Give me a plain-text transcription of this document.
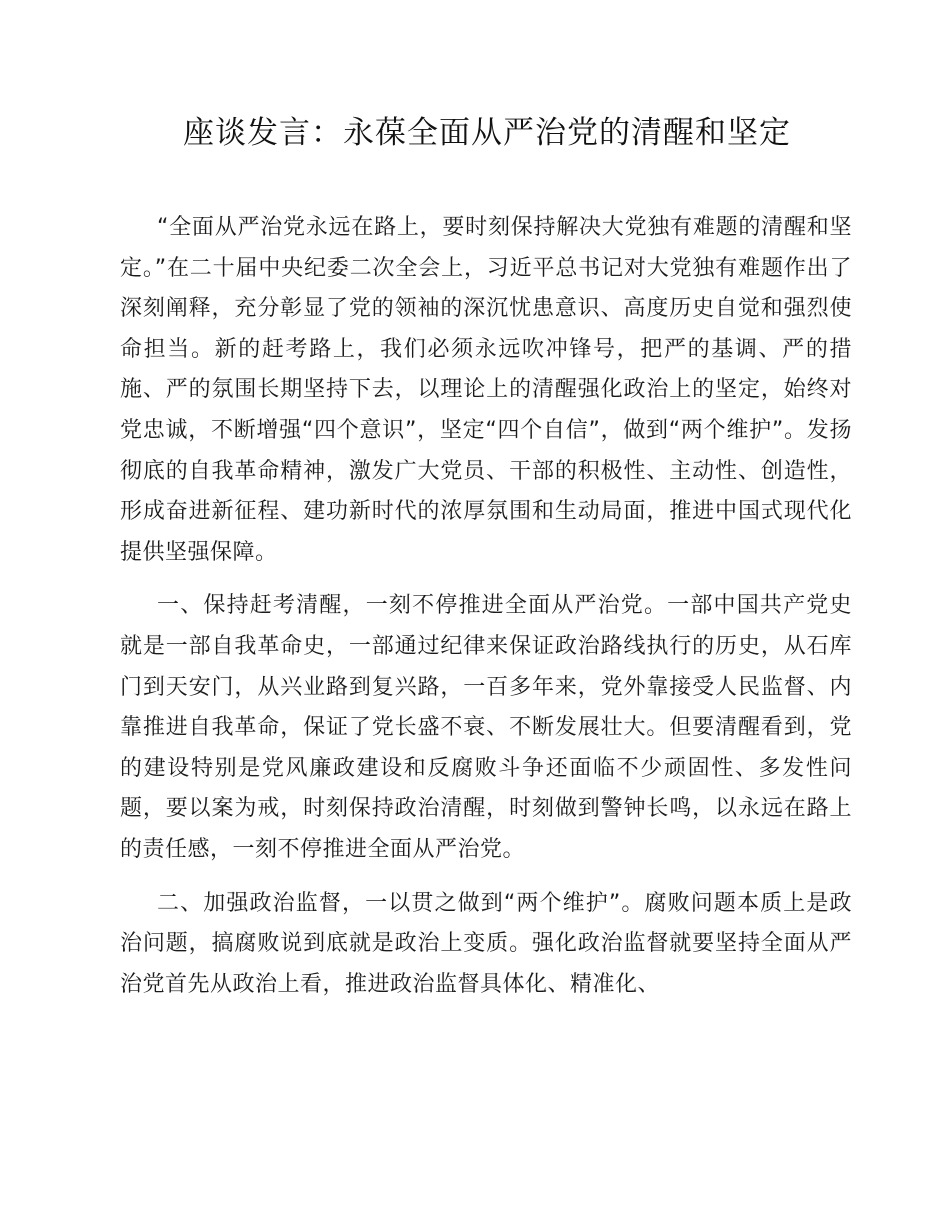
座谈发言：永葆全面从严治党的清醒和坚定

“全面从严治党永远在路上，要时刻保持解决大党独有难题的清醒和坚定。”在二十届中央纪委二次全会上，习近平总书记对大党独有难题作出了深刻阐释，充分彰显了党的领袖的深沉忧患意识、高度历史自觉和强烈使命担当。新的赶考路上，我们必须永远吹冲锋号，把严的基调、严的措施、严的氛围长期坚持下去，以理论上的清醒强化政治上的坚定，始终对党忠诚，不断增强“四个意识”，坚定“四个自信”，做到“两个维护”。发扬彻底的自我革命精神，激发广大党员、干部的积极性、主动性、创造性，形成奋进新征程、建功新时代的浓厚氛围和生动局面，推进中国式现代化提供坚强保障。

一、保持赶考清醒，一刻不停推进全面从严治党。一部中国共产党史就是一部自我革命史，一部通过纪律来保证政治路线执行的历史，从石库门到天安门，从兴业路到复兴路，一百多年来，党外靠接受人民监督、内靠推进自我革命，保证了党长盛不衰、不断发展壮大。但要清醒看到，党的建设特别是党风廉政建设和反腐败斗争还面临不少顽固性、多发性问题，要以案为戒，时刻保持政治清醒，时刻做到警钟长鸣，以永远在路上的责任感，一刻不停推进全面从严治党。

二、加强政治监督，一以贯之做到“两个维护”。腐败问题本质上是政治问题，搞腐败说到底就是政治上变质。强化政治监督就要坚持全面从严治党首先从政治上看，推进政治监督具体化、精准化、
